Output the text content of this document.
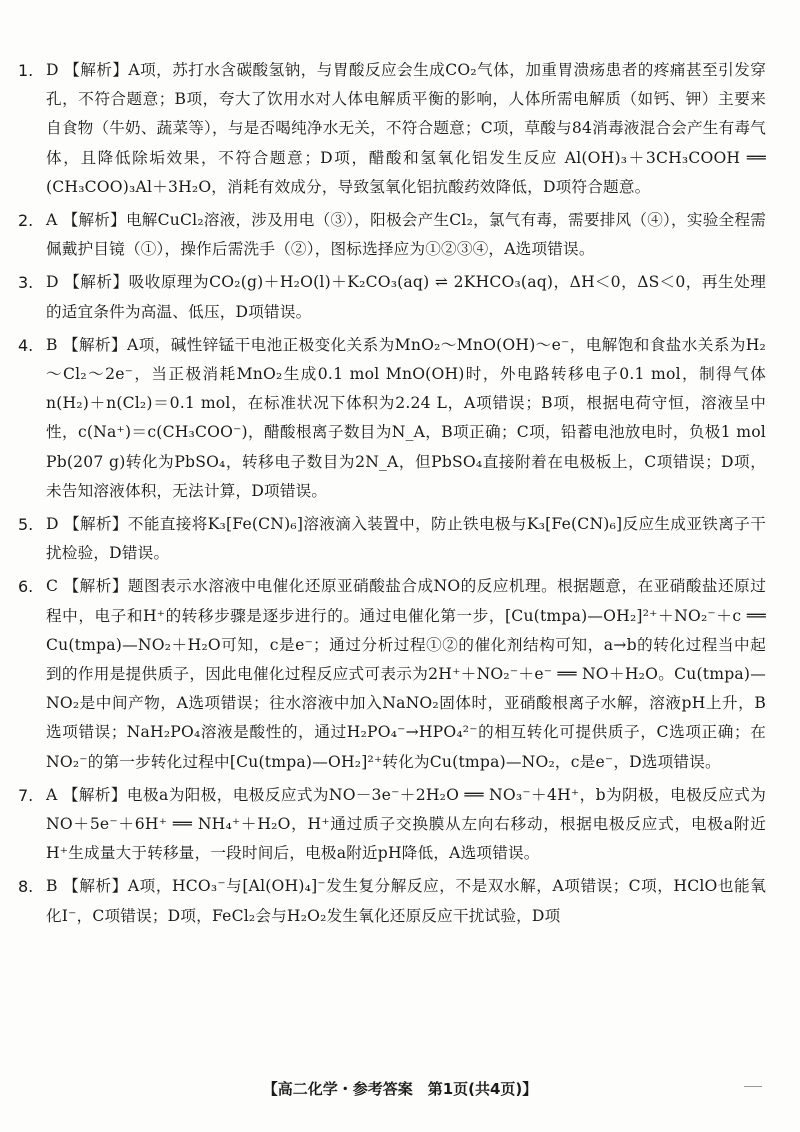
1. D 【解析】A项，苏打水含碳酸氢钠，与胃酸反应会生成CO₂气体，加重胃溃疡患者的疼痛甚至引发穿孔，不符合题意；B项，夸大了饮用水对人体电解质平衡的影响，人体所需电解质（如钙、钾）主要来自食物（牛奶、蔬菜等），与是否喝纯净水无关，不符合题意；C项，草酸与84消毒液混合会产生有毒气体，且降低除垢效果，不符合题意；D项，醋酸和氢氧化铝发生反应 Al(OH)₃＋3CH₃COOH ══ (CH₃COO)₃Al＋3H₂O，消耗有效成分，导致氢氧化铝抗酸药效降低，D项符合题意。

2. A 【解析】电解CuCl₂溶液，涉及用电（③），阳极会产生Cl₂，氯气有毒，需要排风（④），实验全程需佩戴护目镜（①），操作后需洗手（②），图标选择应为①②③④，A选项错误。

3. D 【解析】吸收原理为CO₂(g)＋H₂O(l)＋K₂CO₃(aq) ⇌ 2KHCO₃(aq)，ΔH＜0，ΔS＜0，再生处理的适宜条件为高温、低压，D项错误。

4. B 【解析】A项，碱性锌锰干电池正极变化关系为MnO₂～MnO(OH)～e⁻，电解饱和食盐水关系为H₂～Cl₂～2e⁻，当正极消耗MnO₂生成0.1 mol MnO(OH)时，外电路转移电子0.1 mol，制得气体n(H₂)＋n(Cl₂)＝0.1 mol，在标准状况下体积为2.24 L，A项错误；B项，根据电荷守恒，溶液呈中性，c(Na⁺)＝c(CH₃COO⁻)，醋酸根离子数目为N_A，B项正确；C项，铅蓄电池放电时，负极1 mol Pb(207 g)转化为PbSO₄，转移电子数目为2N_A，但PbSO₄直接附着在电极板上，C项错误；D项，未告知溶液体积，无法计算，D项错误。

5. D 【解析】不能直接将K₃[Fe(CN)₆]溶液滴入装置中，防止铁电极与K₃[Fe(CN)₆]反应生成亚铁离子干扰检验，D错误。

6. C 【解析】题图表示水溶液中电催化还原亚硝酸盐合成NO的反应机理。根据题意，在亚硝酸盐还原过程中，电子和H⁺的转移步骤是逐步进行的。通过电催化第一步，[Cu(tmpa)—OH₂]²⁺＋NO₂⁻＋c ══ Cu(tmpa)—NO₂＋H₂O可知，c是e⁻；通过分析过程①②的催化剂结构可知，a→b的转化过程当中起到的作用是提供质子，因此电催化过程反应式可表示为2H⁺＋NO₂⁻＋e⁻ ══ NO＋H₂O。Cu(tmpa)—NO₂是中间产物，A选项错误；往水溶液中加入NaNO₂固体时，亚硝酸根离子水解，溶液pH上升，B选项错误；NaH₂PO₄溶液是酸性的，通过H₂PO₄⁻→HPO₄²⁻的相互转化可提供质子，C选项正确；在NO₂⁻的第一步转化过程中[Cu(tmpa)—OH₂]²⁺转化为Cu(tmpa)—NO₂，c是e⁻，D选项错误。

7. A 【解析】电极a为阳极，电极反应式为NO－3e⁻＋2H₂O ══ NO₃⁻＋4H⁺，b为阴极，电极反应式为NO＋5e⁻＋6H⁺ ══ NH₄⁺＋H₂O，H⁺通过质子交换膜从左向右移动，根据电极反应式，电极a附近H⁺生成量大于转移量，一段时间后，电极a附近pH降低，A选项错误。

8. B 【解析】A项，HCO₃⁻与[Al(OH)₄]⁻发生复分解反应，不是双水解，A项错误；C项，HClO也能氧化I⁻，C项错误；D项，FeCl₂会与H₂O₂发生氧化还原反应干扰试验，D项

【高二化学・参考答案　第1页(共4页)】
